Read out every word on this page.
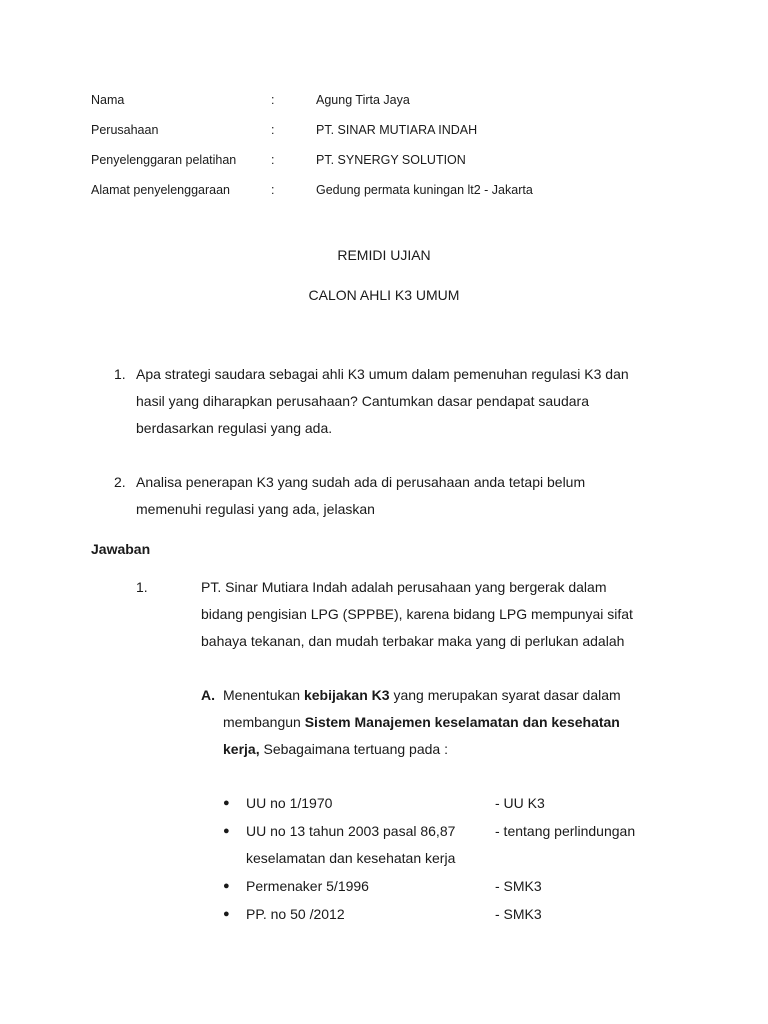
Nama	:	Agung Tirta Jaya
Perusahaan	:	PT. SINAR MUTIARA INDAH
Penyelenggaran pelatihan	:	PT. SYNERGY SOLUTION
Alamat penyelenggaraan	:	Gedung permata kuningan lt2 - Jakarta
REMIDI UJIAN
CALON AHLI K3 UMUM
1. Apa strategi saudara sebagai ahli K3 umum dalam pemenuhan regulasi K3 dan
hasil yang diharapkan perusahaan? Cantumkan dasar pendapat saudara
berdasarkan regulasi yang ada.
2. Analisa penerapan K3 yang sudah ada di perusahaan anda tetapi belum
memenuhi regulasi yang ada, jelaskan
Jawaban
1.	PT. Sinar Mutiara Indah adalah perusahaan yang bergerak dalam
bidang pengisian LPG (SPPBE), karena bidang LPG mempunyai sifat
bahaya tekanan, dan mudah terbakar maka yang di perlukan adalah
A. Menentukan kebijakan K3 yang merupakan syarat dasar dalam
membangun Sistem Manajemen keselamatan dan kesehatan
kerja, Sebagaimana tertuang pada :
● UU no 1/1970	- UU K3
● UU no 13 tahun 2003 pasal 86,87	- tentang perlindungan
keselamatan dan kesehatan kerja
● Permenaker 5/1996	- SMK3
● PP. no 50 /2012	- SMK3
